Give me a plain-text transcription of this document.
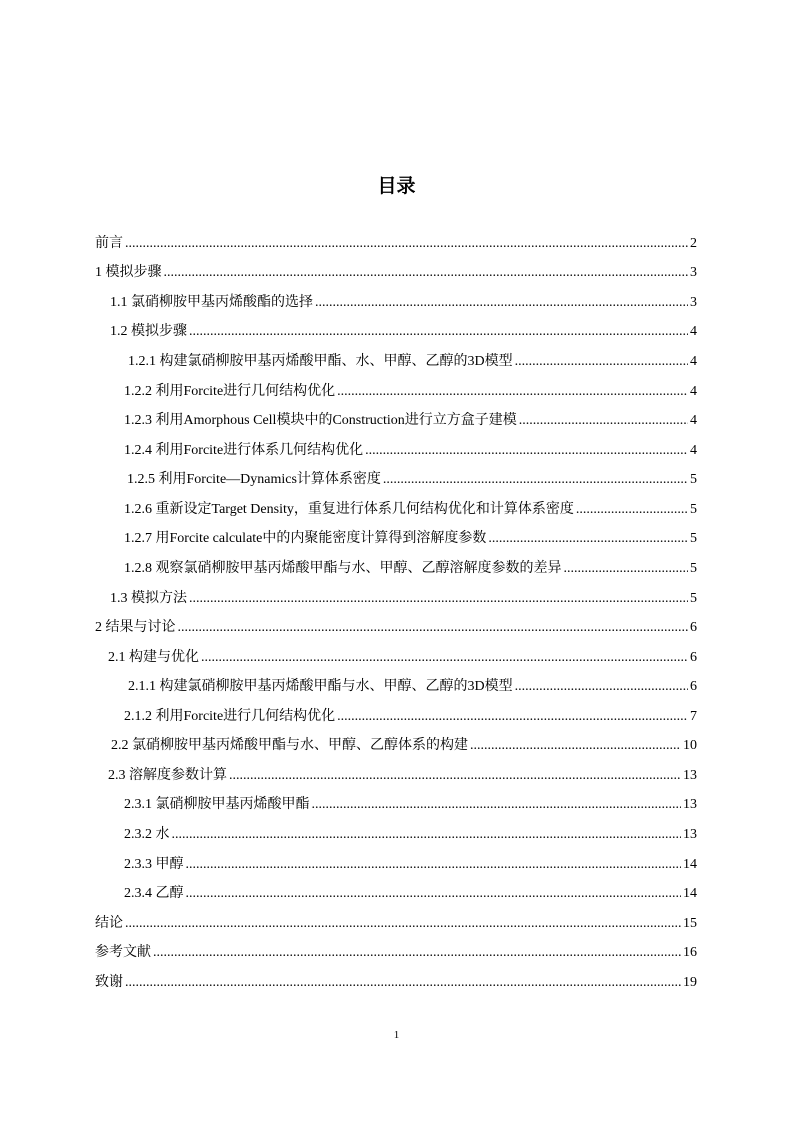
目录
前言 .....	2
1 模拟步骤 .....	3
1.1 氯硝柳胺甲基丙烯酸酯的选择 .....	3
1.2 模拟步骤 .....	4
1.2.1 构建氯硝柳胺甲基丙烯酸甲酯、水、甲醇、乙醇的3D模型 .....	4
1.2.2 利用Forcite进行几何结构优化 .....	4
1.2.3 利用Amorphous Cell模块中的Construction进行立方盒子建模 .....	4
1.2.4 利用Forcite进行体系几何结构优化 .....	4
1.2.5 利用Forcite—Dynamics计算体系密度 .....	5
1.2.6 重新设定Target Density，重复进行体系几何结构优化和计算体系密度 .....	5
1.2.7 用Forcite calculate中的内聚能密度计算得到溶解度参数 .....	5
1.2.8 观察氯硝柳胺甲基丙烯酸甲酯与水、甲醇、乙醇溶解度参数的差异 .....	5
1.3 模拟方法 .....	5
2 结果与讨论 .....	6
2.1 构建与优化 .....	6
2.1.1 构建氯硝柳胺甲基丙烯酸甲酯与水、甲醇、乙醇的3D模型 .....	6
2.1.2 利用Forcite进行几何结构优化 .....	7
2.2 氯硝柳胺甲基丙烯酸甲酯与水、甲醇、乙醇体系的构建 .....	10
2.3 溶解度参数计算 .....	13
2.3.1 氯硝柳胺甲基丙烯酸甲酯 .....	13
2.3.2 水 .....	13
2.3.3 甲醇 .....	14
2.3.4 乙醇 .....	14
结论 .....	15
参考文献 .....	16
致谢 .....	19
1
